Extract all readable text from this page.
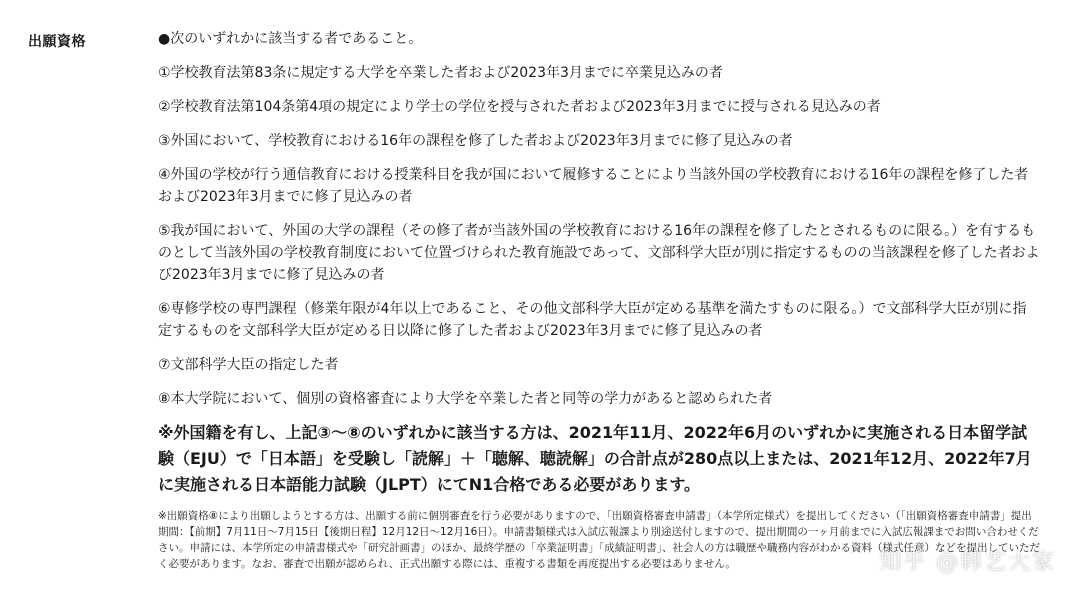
出願資格	●次のいずれかに該当する者であること。
①学校教育法第83条に規定する大学を卒業した者および2023年3月までに卒業見込みの者
②学校教育法第104条第4項の規定により学士の学位を授与された者および2023年3月までに授与される見込みの者
③外国において、学校教育における16年の課程を修了した者および2023年3月までに修了見込みの者
④外国の学校が行う通信教育における授業科目を我が国において履修することにより当該外国の学校教育における16年の課程を修了した者および2023年3月までに修了見込みの者
⑤我が国において、外国の大学の課程（その修了者が当該外国の学校教育における16年の課程を修了したとされるものに限る。）を有するものとして当該外国の学校教育制度において位置づけられた教育施設であって、文部科学大臣が別に指定するものの当該課程を修了した者および2023年3月までに修了見込みの者
⑥専修学校の専門課程（修業年限が4年以上であること、その他文部科学大臣が定める基準を満たすものに限る。）で文部科学大臣が別に指定するものを文部科学大臣が定める日以降に修了した者および2023年3月までに修了見込みの者
⑦文部科学大臣の指定した者
⑧本大学院において、個別の資格審査により大学を卒業した者と同等の学力があると認められた者
※外国籍を有し、上記③〜⑧のいずれかに該当する方は、2021年11月、2022年6月のいずれかに実施される日本留学試験（EJU）で「日本語」を受験し「読解」＋「聴解、聴読解」の合計点が280点以上または、2021年12月、2022年7月に実施される日本語能力試験（JLPT）にてN1合格である必要があります。
※出願資格⑧により出願しようとする方は、出願する前に個別審査を行う必要がありますので、「出願資格審査申請書」（本学所定様式）を提出してください（「出願資格審査申請書」提出期間：【前期】7月11日〜7月15日【後期日程】12月12日〜12月16日）。申請書類様式は入試広報課より別途送付しますので、提出期間の一ヶ月前までに入試広報課までお問い合わせください。申請には、本学所定の申請書様式や「研究計画書」のほか、最終学歴の「卒業証明書」「成績証明書」、社会人の方は職歴や職務内容がわかる資料（様式任意）などを提出していただく必要があります。なお、審査で出願が認められ、正式出願する際には、重複する書類を再度提出する必要はありません。	知乎 @韩艺大家
